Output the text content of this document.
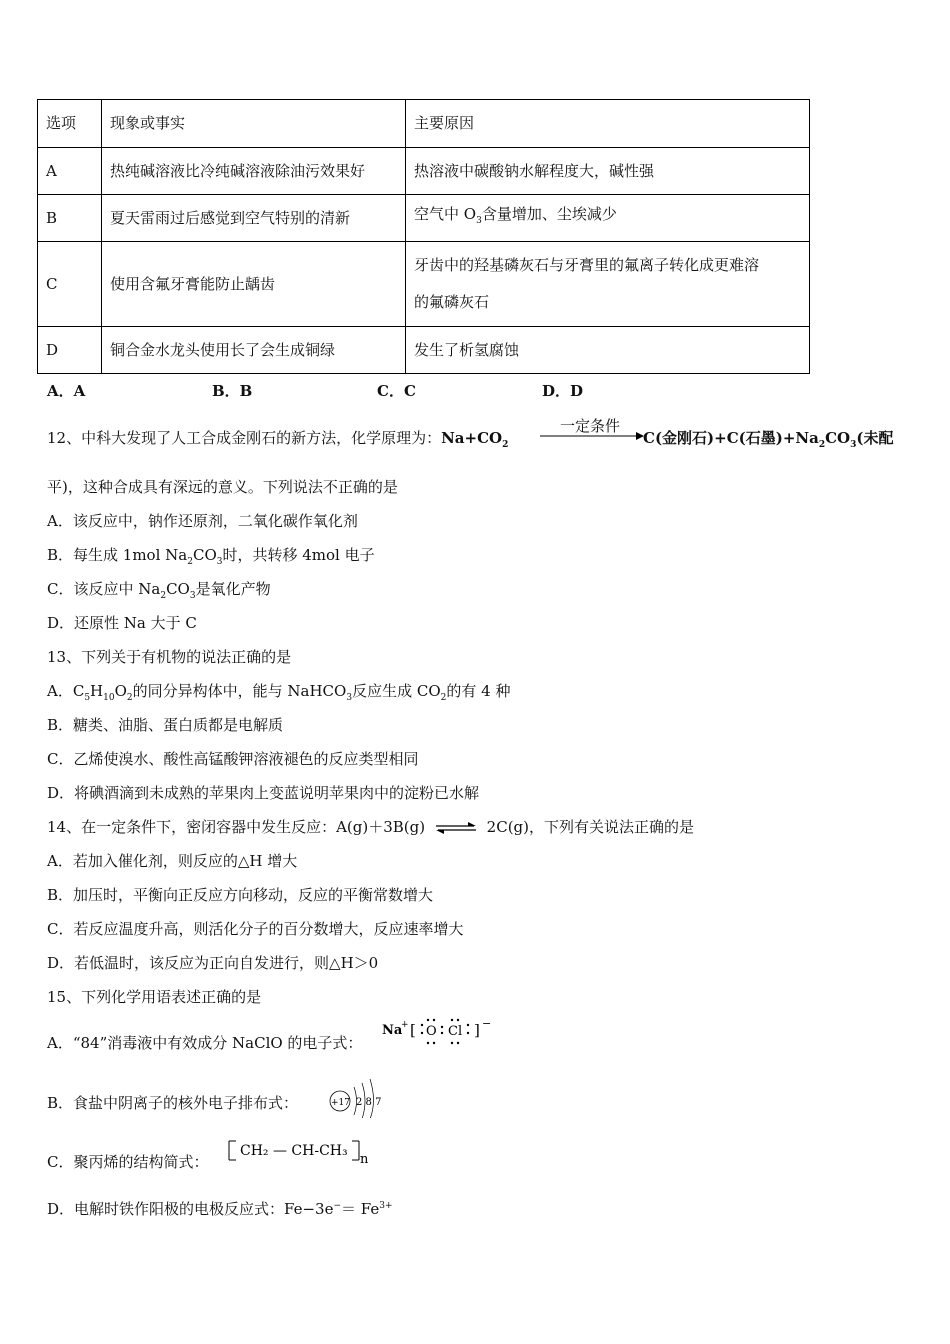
选项	现象或事实	主要原因
A	热纯碱溶液比冷纯碱溶液除油污效果好	热溶液中碳酸钠水解程度大，碱性强
B	夏天雷雨过后感觉到空气特别的清新	空气中 $O_3$含量增加、尘埃减少
C	使用含氟牙膏能防止龋齿	牙齿中的羟基磷灰石与牙膏里的氟离子转化成更难溶
的氟磷灰石

D	铜合金水龙头使用长了会生成铜绿	发生了析氢腐蚀
A．A	B．B	C．C	D．D
12、中科大发现了人工合成金刚石的新方法，化学原理为：$Na+CO_2$
一定条件
C(金刚石)+C(石墨)$+Na_2CO_3$(未配
平)，这种合成具有深远的意义。下列说法不正确的是
A．该反应中，钠作还原剂，二氧化碳作氧化剂
B．每生成 1mol $Na_2CO_3$时，共转移 4mol 电子
C．该反应中 $Na_2CO_3$是氧化产物
D．还原性 Na 大于 C
13、下列关于有机物的说法正确的是
A．$C_5H_{10}O_2$的同分异构体中，能与 NaHCO$_3$反应生成 $CO_2$的有 4 种
B．糖类、油脂、蛋白质都是电解质
C．乙烯使溴水、酸性高锰酸钾溶液褪色的反应类型相同
D．将碘酒滴到未成熟的苹果肉上变蓝说明苹果肉中的淀粉已水解
14、在一定条件下，密闭容器中发生反应：A(g)＋3B(g) ⇌ 2C(g)，下列有关说法正确的是
A．若加入催化剂，则反应的△H 增大
B．加压时，平衡向正反应方向移动，反应的平衡常数增大
C．若反应温度升高，则活化分子的百分数增大，反应速率增大
D．若低温时，该反应为正向自发进行，则△H＞0
15、下列化学用语表述正确的是
A．“84”消毒液中有效成分 NaClO 的电子式：
Na
+ [ O Cl ] −
B．食盐中阴离子的核外电子排布式：	+17 2 8 7
C．聚丙烯的结构简式：
CH₂ — CH-CH₃
n
D．电解时铁作阳极的电极反应式：$Fe-3e^-= Fe^{3+}$
